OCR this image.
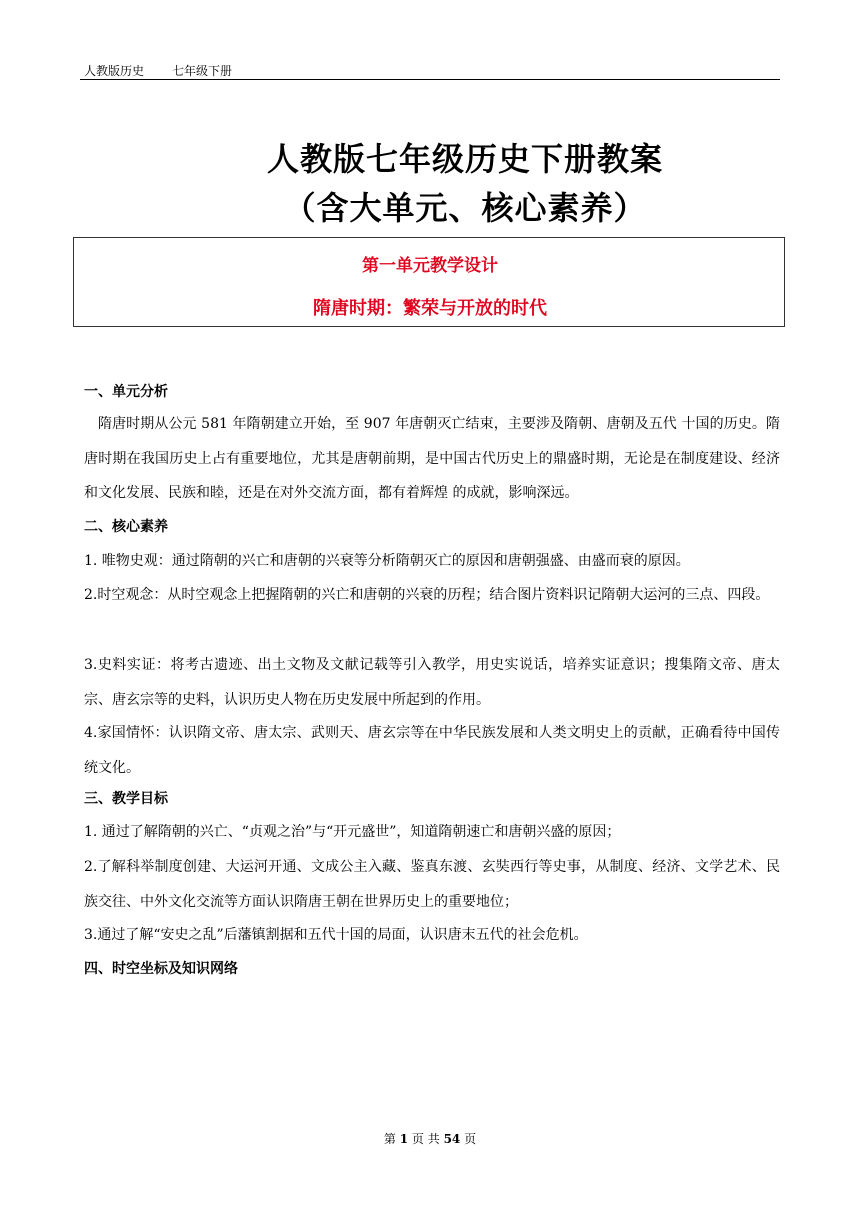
人教版历史 七年级下册
人教版七年级历史下册教案
（含大单元、核心素养）
第一单元教学设计
隋唐时期：繁荣与开放的时代
一、单元分析
隋唐时期从公元 581 年隋朝建立开始，至 907 年唐朝灭亡结束，主要涉及隋朝、唐朝及五代 十国的历史。隋唐时期在我国历史上占有重要地位，尤其是唐朝前期，是中国古代历史上的鼎盛时期，无论是在制度建设、经济和文化发展、民族和睦，还是在对外交流方面，都有着辉煌 的成就，影响深远。
二、核心素养
1. 唯物史观：通过隋朝的兴亡和唐朝的兴衰等分析隋朝灭亡的原因和唐朝强盛、由盛而衰的原因。
2.时空观念：从时空观念上把握隋朝的兴亡和唐朝的兴衰的历程；结合图片资料识记隋朝大运河的三点、四段。
3.史料实证：将考古遗迹、出土文物及文献记载等引入教学，用史实说话，培养实证意识；搜集隋文帝、唐太宗、唐玄宗等的史料，认识历史人物在历史发展中所起到的作用。
4.家国情怀：认识隋文帝、唐太宗、武则天、唐玄宗等在中华民族发展和人类文明史上的贡献，正确看待中国传统文化。
三、教学目标
1. 通过了解隋朝的兴亡、“贞观之治”与“开元盛世”，知道隋朝速亡和唐朝兴盛的原因；
2.了解科举制度创建、大运河开通、文成公主入藏、鉴真东渡、玄奘西行等史事，从制度、经济、文学艺术、民族交往、中外文化交流等方面认识隋唐王朝在世界历史上的重要地位；
3.通过了解“安史之乱”后藩镇割据和五代十国的局面，认识唐末五代的社会危机。
四、时空坐标及知识网络
第 1 页 共 54 页
